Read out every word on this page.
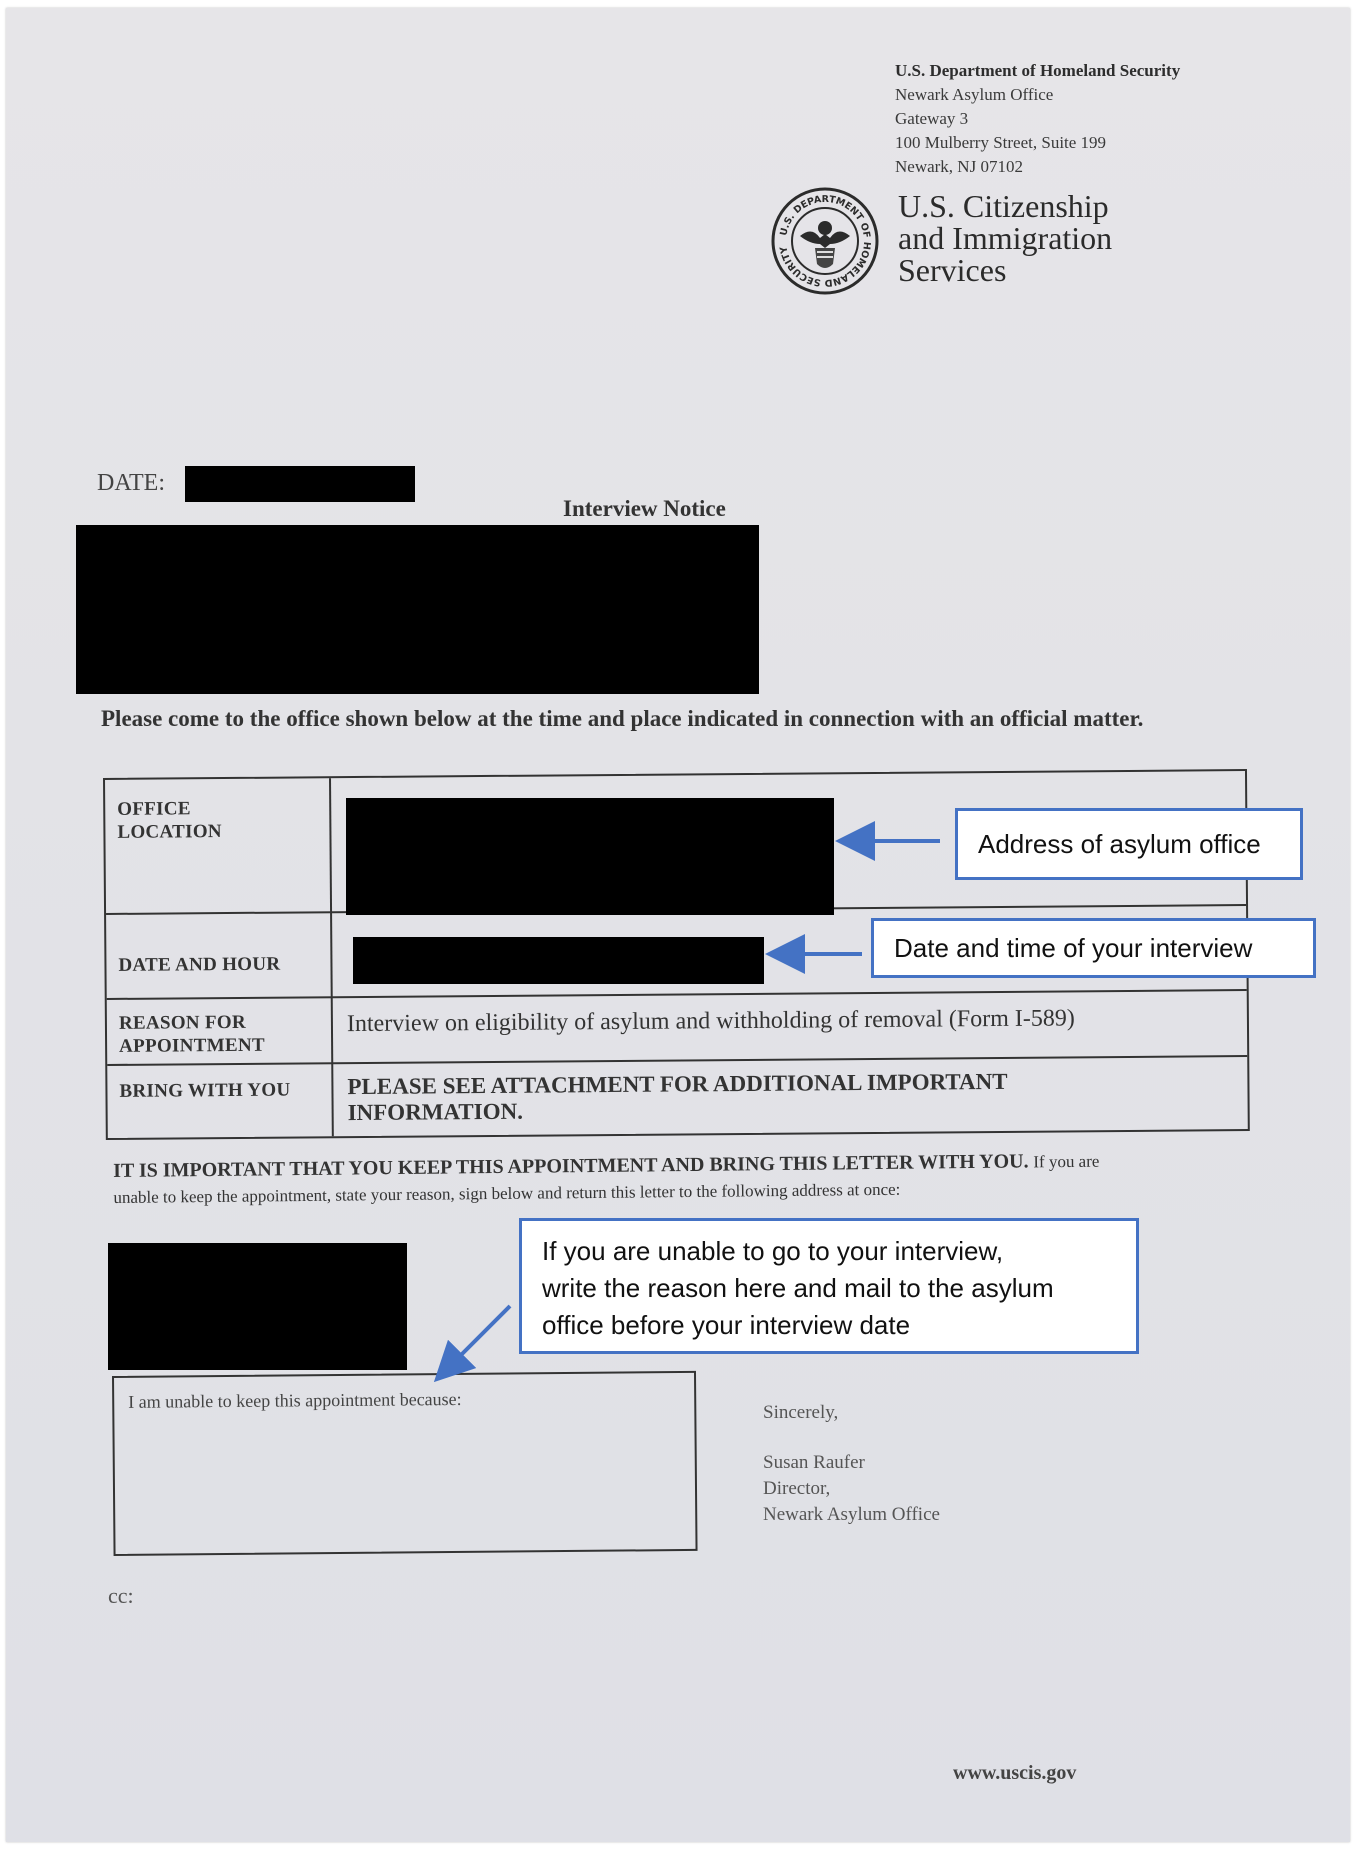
U.S. Department of Homeland Security
Newark Asylum Office
Gateway 3
100 Mulberry Street, Suite 199
Newark, NJ 07102
U.S. DEPARTMENT OF HOMELAND SECURITY
U.S. Citizenship
and Immigration
Services
DATE:
Interview Notice
Please come to the office shown below at the time and place indicated in connection with an official matter.
OFFICE
LOCATION
DATE AND HOUR
REASON FOR
APPOINTMENT
Interview on eligibility of asylum and withholding of removal (Form I-589)
BRING WITH YOU PLEASE SEE ATTACHMENT FOR ADDITIONAL IMPORTANT
INFORMATION.
IT IS IMPORTANT THAT YOU KEEP THIS APPOINTMENT AND BRING THIS LETTER WITH YOU. If you are
unable to keep the appointment, state your reason, sign below and return this letter to the following address at once:
I am unable to keep this appointment because:
Sincerely,
Susan Raufer
Director,
Newark Asylum Office
cc:
www.uscis.gov
Address of asylum office
Date and time of your interview
If you are unable to go to your interview,
write the reason here and mail to the asylum
office before your interview date
